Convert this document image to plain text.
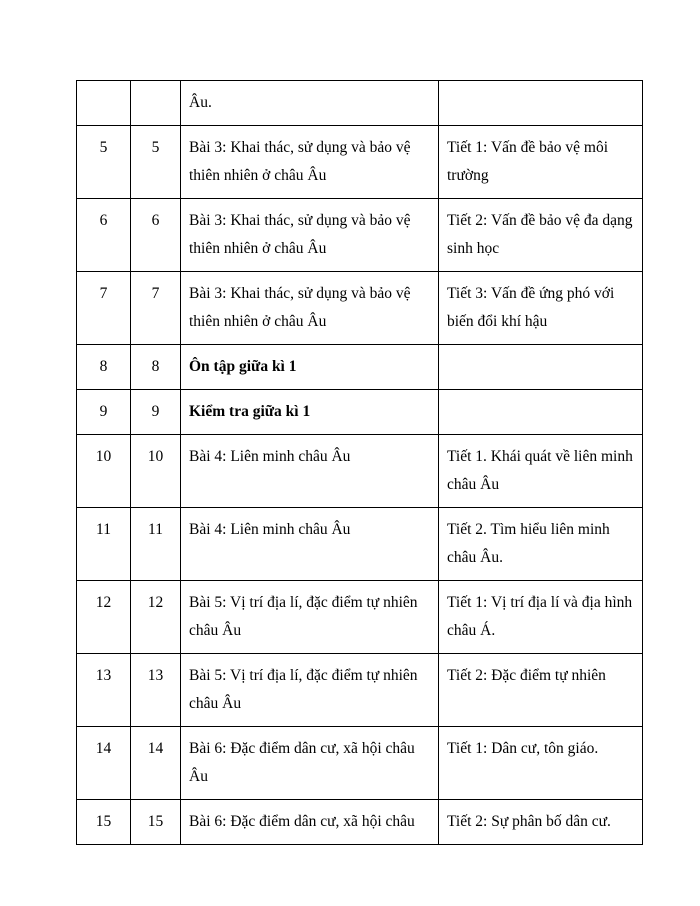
		Âu.	
5	5	Bài 3: Khai thác, sử dụng và bảo vệ thiên nhiên ở châu Âu	Tiết 1: Vấn đề bảo vệ môi trường
6	6	Bài 3: Khai thác, sử dụng và bảo vệ thiên nhiên ở châu Âu	Tiết 2: Vấn đề bảo vệ đa dạng sinh học
7	7	Bài 3: Khai thác, sử dụng và bảo vệ thiên nhiên ở châu Âu	Tiết 3: Vấn đề ứng phó với biến đổi khí hậu
8	8	Ôn tập giữa kì 1	
9	9	Kiểm tra giữa kì 1	
10	10	Bài 4: Liên minh châu Âu	Tiết 1. Khái quát về liên minh châu Âu
11	11	Bài 4: Liên minh châu Âu	Tiết 2. Tìm hiểu liên minh châu Âu.
12	12	Bài 5: Vị trí địa lí, đặc điểm tự nhiên châu Âu	Tiết 1: Vị trí địa lí và địa hình châu Á.
13	13	Bài 5: Vị trí địa lí, đặc điểm tự nhiên châu Âu	Tiết 2: Đặc điểm tự nhiên
14	14	Bài 6: Đặc điểm dân cư, xã hội châu Âu	Tiết 1: Dân cư, tôn giáo.
15	15	Bài 6: Đặc điểm dân cư, xã hội châu	Tiết 2: Sự phân bố dân cư.
